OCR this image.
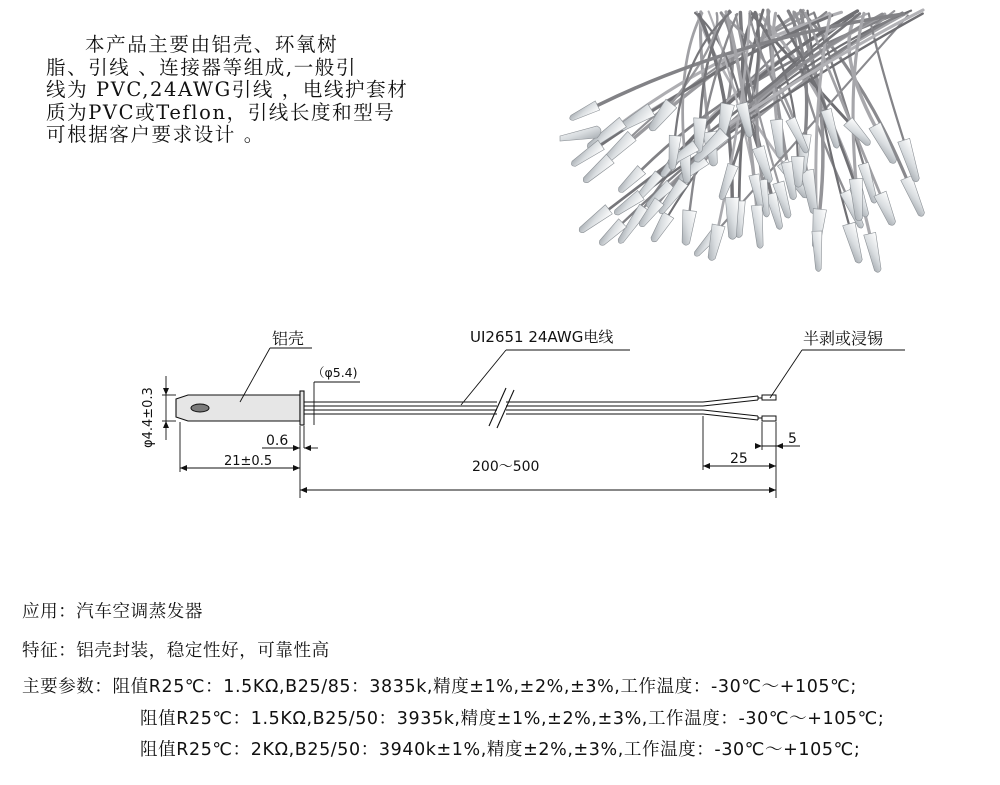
本产品主要由铝壳、环氧树
脂、引线 、连接器等组成,一般引
线为 PVC,24AWG引线 ，电线护套材
质为PVC或Teflon，引线长度和型号
可根据客户要求设计 。

铝壳	UI2651 24AWG电线	半剥或浸锡
（φ5.4)
φ4.4±0.3	0.6
21±0.5	200～500	25
5
应用：汽车空调蒸发器
特征：铝壳封装，稳定性好，可靠性高
主要参数：阻值R25℃：1.5KΩ,B25/85：3835k,精度±1%,±2%,±3%,工作温度：-30℃～+105℃;
阻值R25℃：1.5KΩ,B25/50：3935k,精度±1%,±2%,±3%,工作温度：-30℃～+105℃;
阻值R25℃：2KΩ,B25/50：3940k±1%,精度±2%,±3%,工作温度：-30℃～+105℃;
